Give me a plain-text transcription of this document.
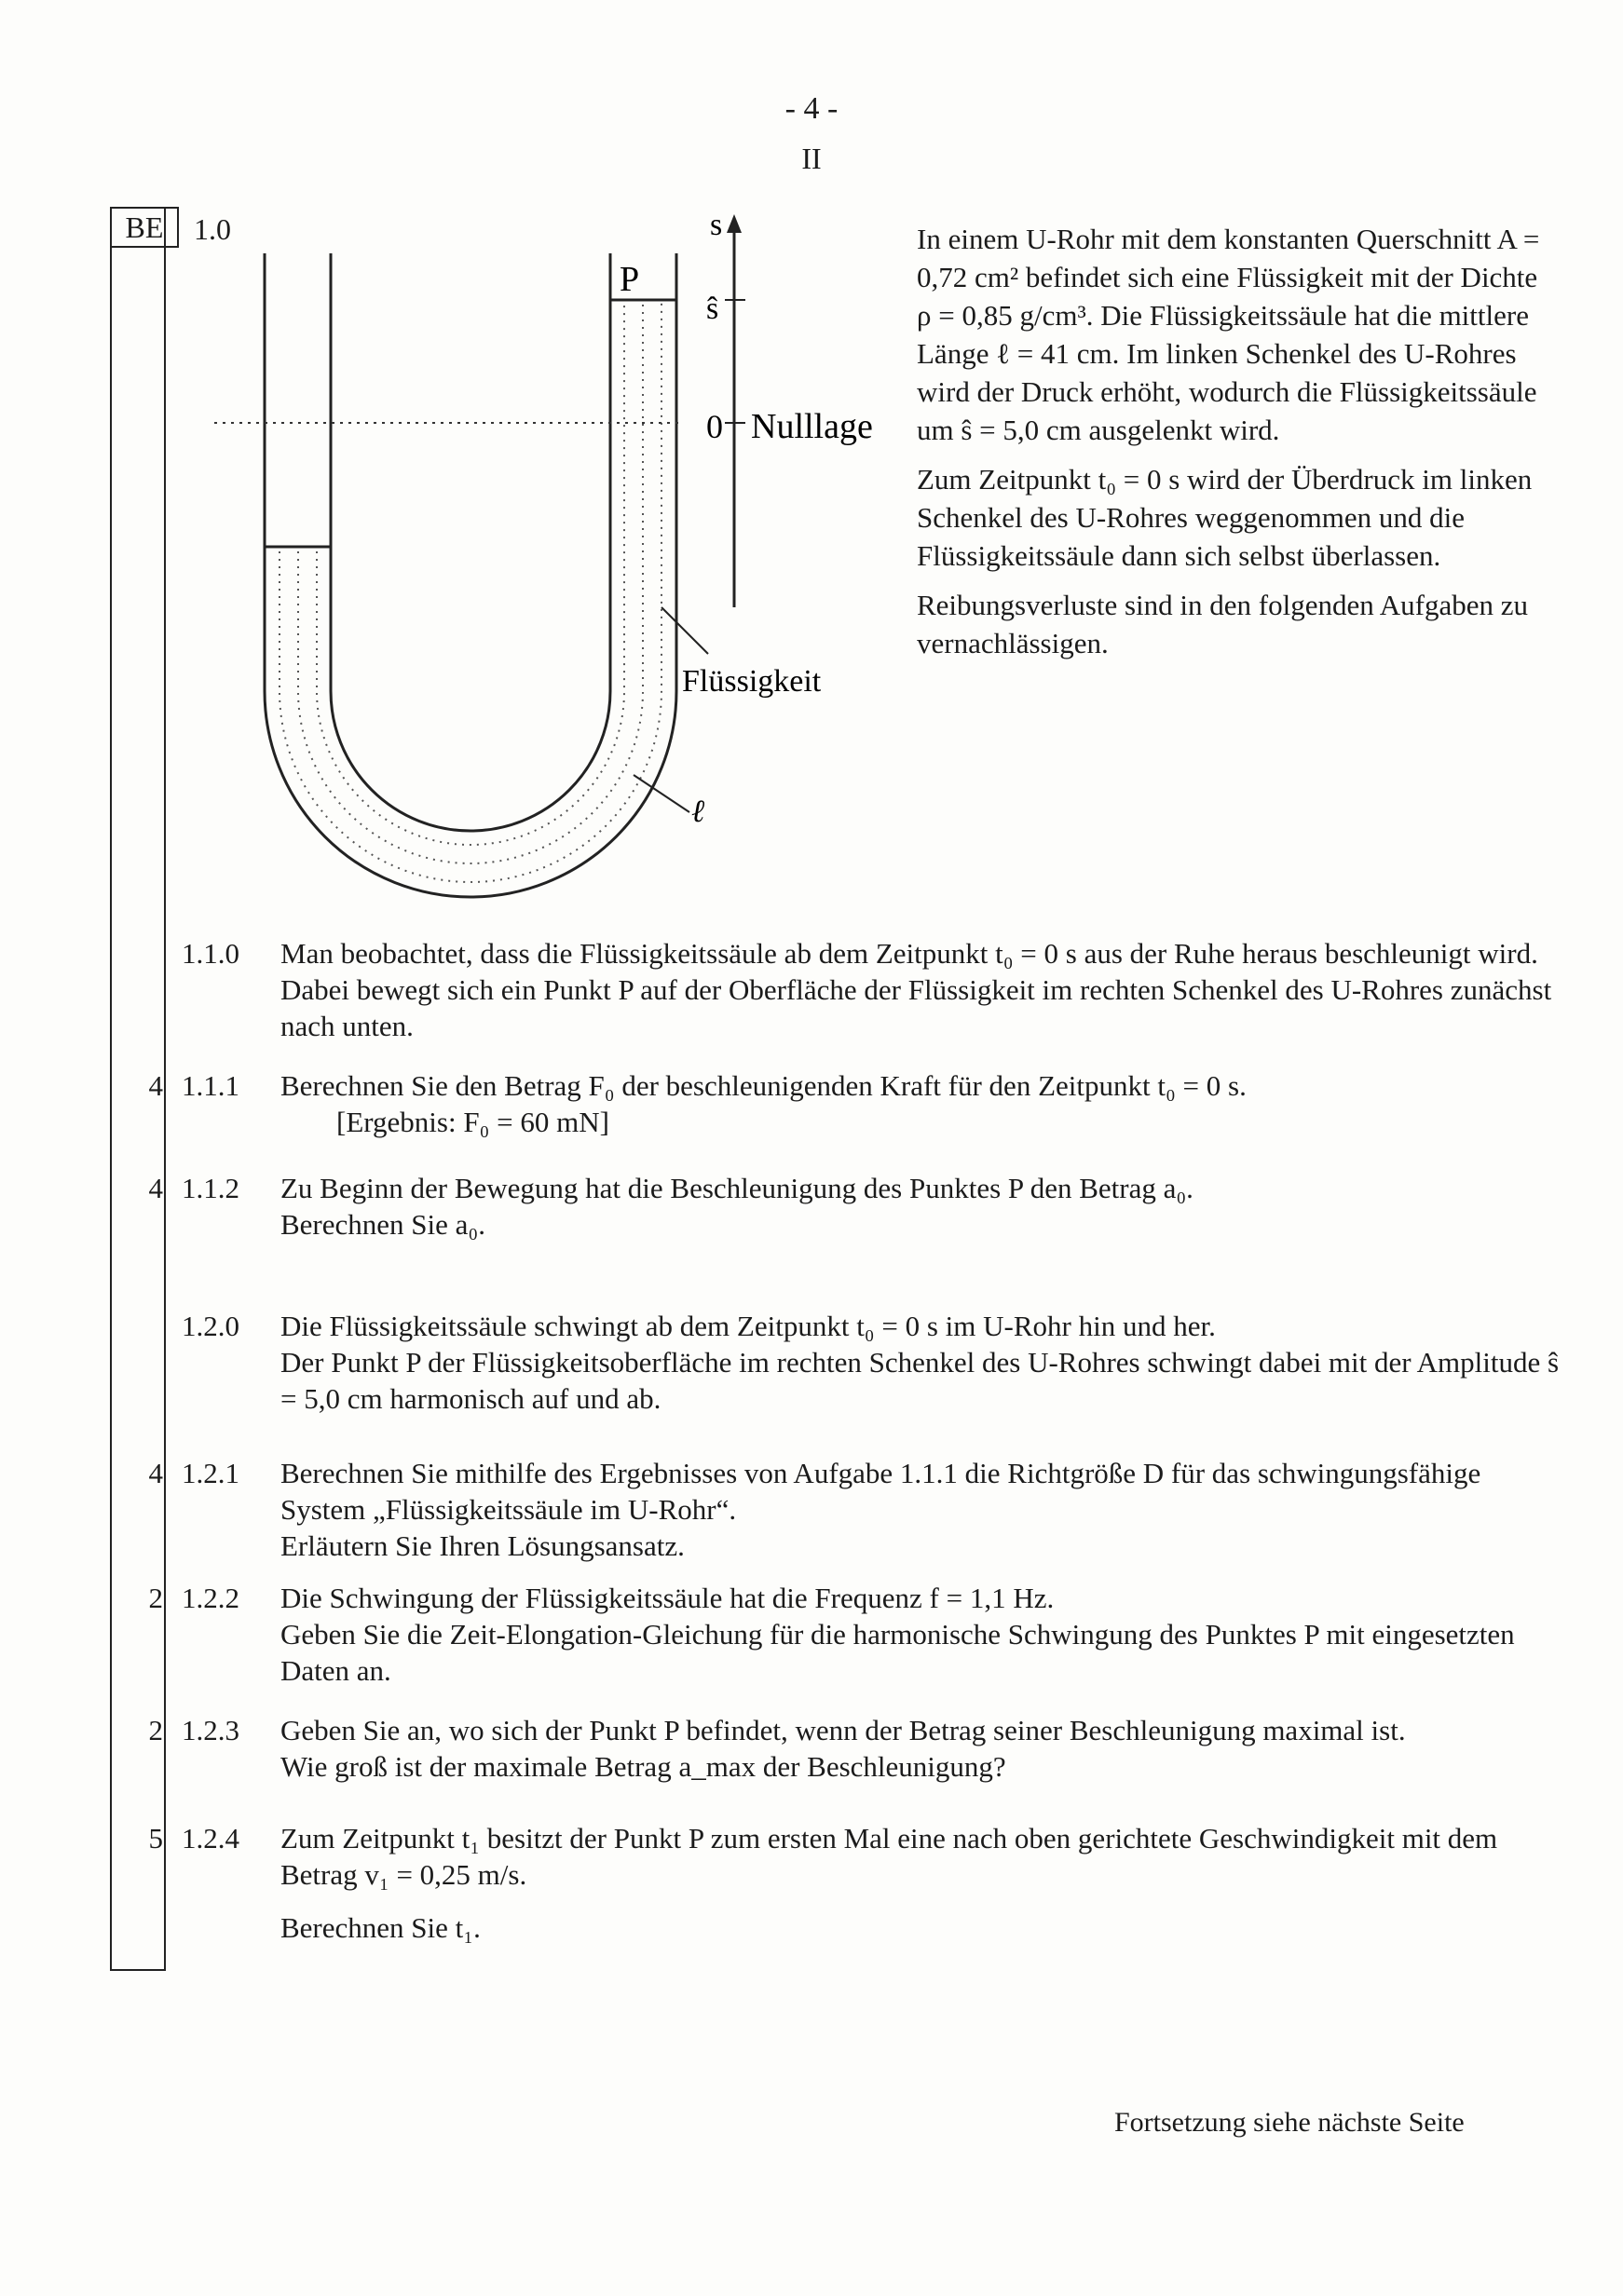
- 4 -
II
BE	1.0
P
s
ŝ
0 Nulllage
Flüssigkeit
ℓ

In einem U-Rohr mit dem konstanten Querschnitt A = 0,72 cm² befindet sich eine Flüssigkeit mit der Dichte ρ = 0,85 g/cm³. Die Flüssigkeitssäule hat die mittlere Länge ℓ = 41 cm. Im linken Schenkel des U-Rohres wird der Druck erhöht, wodurch die Flüssigkeitssäule um ŝ = 5,0 cm ausgelenkt wird.

Zum Zeitpunkt t₀ = 0 s wird der Überdruck im linken Schenkel des U-Rohres weggenommen und die Flüssigkeitssäule dann sich selbst überlassen.

Reibungsverluste sind in den folgenden Aufgaben zu vernachlässigen.

1.1.0	Man beobachtet, dass die Flüssigkeitssäule ab dem Zeitpunkt t₀ = 0 s aus der Ruhe heraus beschleunigt wird. Dabei bewegt sich ein Punkt P auf der Oberfläche der Flüssigkeit im rechten Schenkel des U-Rohres zunächst nach unten.

4 1.1.1	Berechnen Sie den Betrag F₀ der beschleunigenden Kraft für den Zeitpunkt t₀ = 0 s.

[Ergebnis: F₀ = 60 mN]

4 1.1.2	Zu Beginn der Bewegung hat die Beschleunigung des Punktes P den Betrag a₀.

Berechnen Sie a₀.

1.2.0	Die Flüssigkeitssäule schwingt ab dem Zeitpunkt t₀ = 0 s im U-Rohr hin und her.

Der Punkt P der Flüssigkeitsoberfläche im rechten Schenkel des U-Rohres schwingt dabei mit der Amplitude ŝ = 5,0 cm harmonisch auf und ab.

4 1.2.1	Berechnen Sie mithilfe des Ergebnisses von Aufgabe 1.1.1 die Richtgröße D für das schwingungsfähige System „Flüssigkeitssäule im U-Rohr“.

Erläutern Sie Ihren Lösungsansatz.

2 1.2.2	Die Schwingung der Flüssigkeitssäule hat die Frequenz f = 1,1 Hz.

Geben Sie die Zeit-Elongation-Gleichung für die harmonische Schwingung des Punktes P mit eingesetzten Daten an.

2 1.2.3	Geben Sie an, wo sich der Punkt P befindet, wenn der Betrag seiner Beschleunigung maximal ist.

Wie groß ist der maximale Betrag a_max der Beschleunigung?

5 1.2.4	Zum Zeitpunkt t₁ besitzt der Punkt P zum ersten Mal eine nach oben gerichtete Geschwindigkeit mit dem Betrag v₁ = 0,25 m/s.

Berechnen Sie t₁.

Fortsetzung siehe nächste Seite
